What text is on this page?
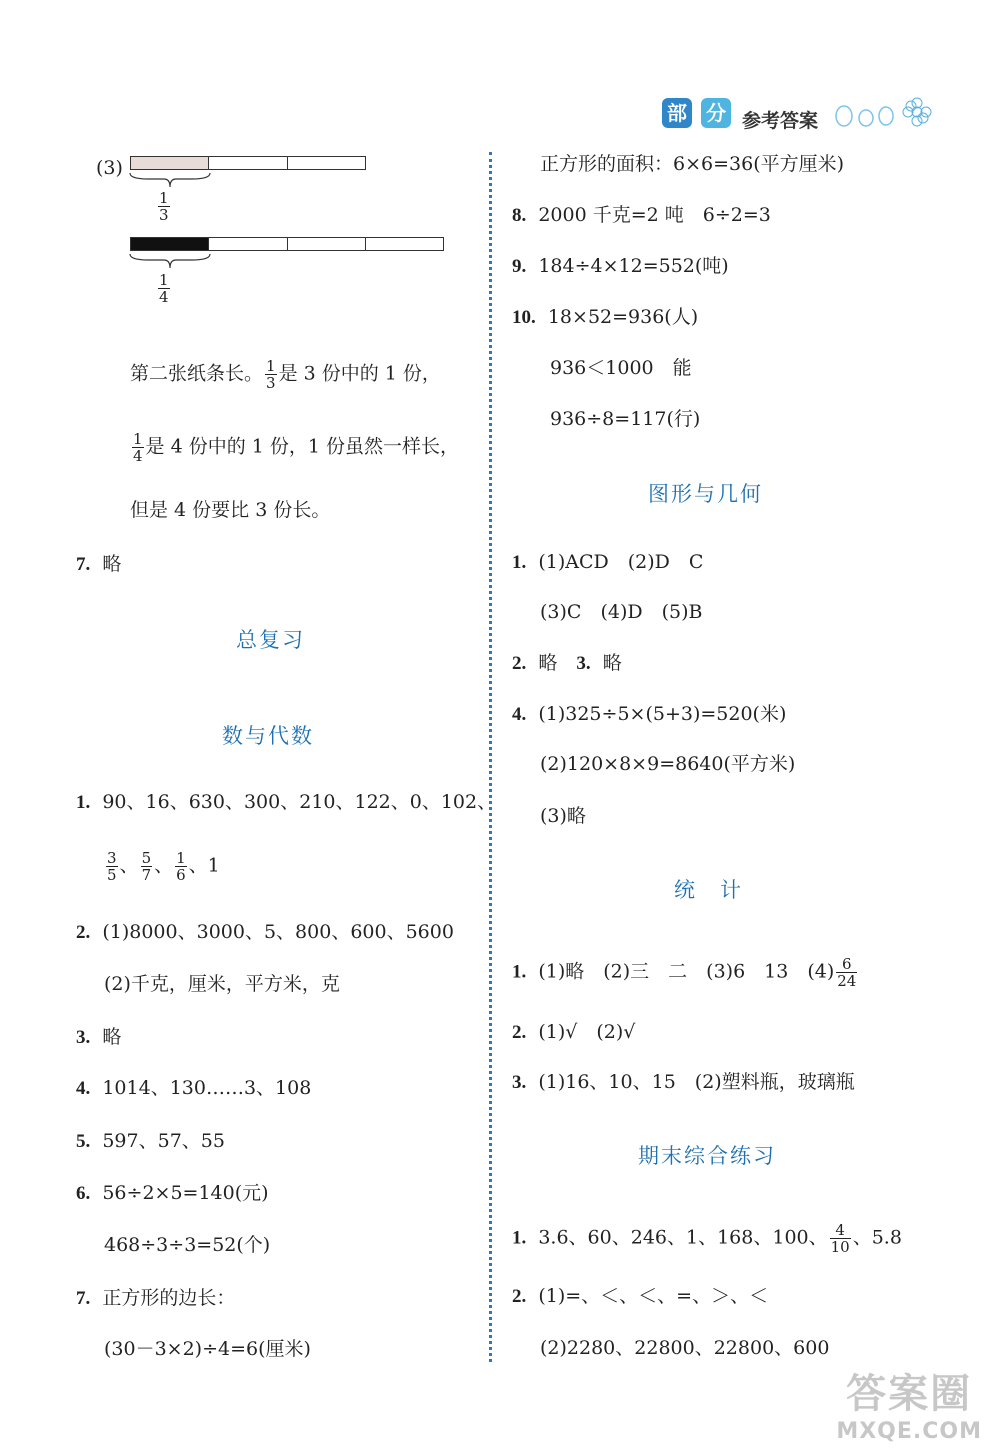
部 分 参考答案
(3)
$\frac{1}{3}$
$\frac{1}{4}$
第二张纸条长。 $\frac{1}{3}$ 是 3 份中的 1 份，
$\frac{1}{4}$ 是 4 份中的 1 份，1 份虽然一样长，
但是 4 份要比 3 份长。
7. 略
总复习
数与代数
1. 90、16、630、300、210、122、0、102、
$\frac{3}{5}$ 、 $\frac{5}{7}$ 、 $\frac{1}{6}$ 、1
2. (1)8000、3000、5、800、600、5600
(2)千克，厘米，平方米，克
3. 略
4. 1014、130……3、108
5. 597、57、55
6. 56÷2×5=140(元)
468÷3÷3=52(个)
7. 正方形的边长：
(30－3×2)÷4=6(厘米)
正方形的面积：6×6=36(平方厘米)
8. 2000 千克=2 吨　6÷2=3
9. 184÷4×12=552(吨)
10. 18×52=936(人)
936＜1000　能
936÷8=117(行)
图形与几何
1. (1)ACD　(2)D　C
(3)C　(4)D　(5)B
2. 略　3. 略
4. (1)325÷5×(5+3)=520(米)
(2)120×8×9=8640(平方米)
(3)略
统　计
1. (1)略　(2)三　二　(3)6　13　$(4) \frac{6}{24}$
2. (1)√　(2)√
3. (1)16、10、15　(2)塑料瓶，玻璃瓶
期末综合练习
1. 3.6、60、246、1、168、100、 $\frac{4}{10}$ 、5.8
2. (1)=、＜、＜、=、＞、＜
(2)2280、22800、22800、600
答案圈
MXQE.COM
